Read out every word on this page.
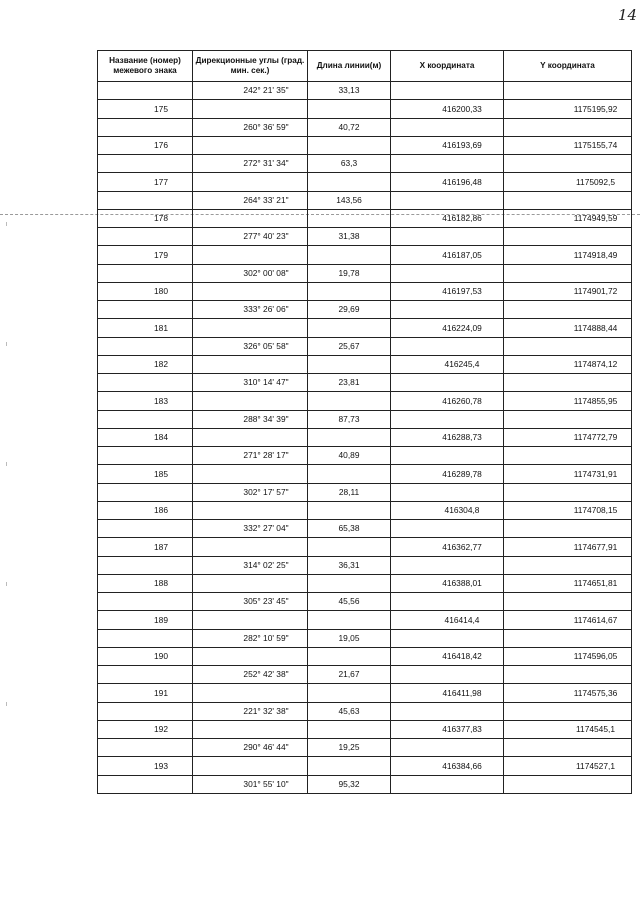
14
Название (номер) межевого знака	Дирекционные углы (град. мин. сек.)	Длина линии(м)	X координата	Y координата
	242° 21' 35"	33,13		
175			416200,33	1175195,92
	260° 36' 59"	40,72		
176			416193,69	1175155,74
	272° 31' 34"	63,3		
177			416196,48	1175092,5
	264° 33' 21"	143,56		
178			416182,86	1174949,59
	277° 40' 23"	31,38		
179			416187,05	1174918,49
	302° 00' 08"	19,78		
180			416197,53	1174901,72
	333° 26' 06"	29,69		
181			416224,09	1174888,44
	326° 05' 58"	25,67		
182			416245,4	1174874,12
	310° 14' 47"	23,81		
183			416260,78	1174855,95
	288° 34' 39"	87,73		
184			416288,73	1174772,79
	271° 28' 17"	40,89		
185			416289,78	1174731,91
	302° 17' 57"	28,11		
186			416304,8	1174708,15
	332° 27' 04"	65,38		
187			416362,77	1174677,91
	314° 02' 25"	36,31		
188			416388,01	1174651,81
	305° 23' 45"	45,56		
189			416414,4	1174614,67
	282° 10' 59"	19,05		
190			416418,42	1174596,05
	252° 42' 38"	21,67		
191			416411,98	1174575,36
	221° 32' 38"	45,63		
192			416377,83	1174545,1
	290° 46' 44"	19,25		
193			416384,66	1174527,1
	301° 55' 10"	95,32		
